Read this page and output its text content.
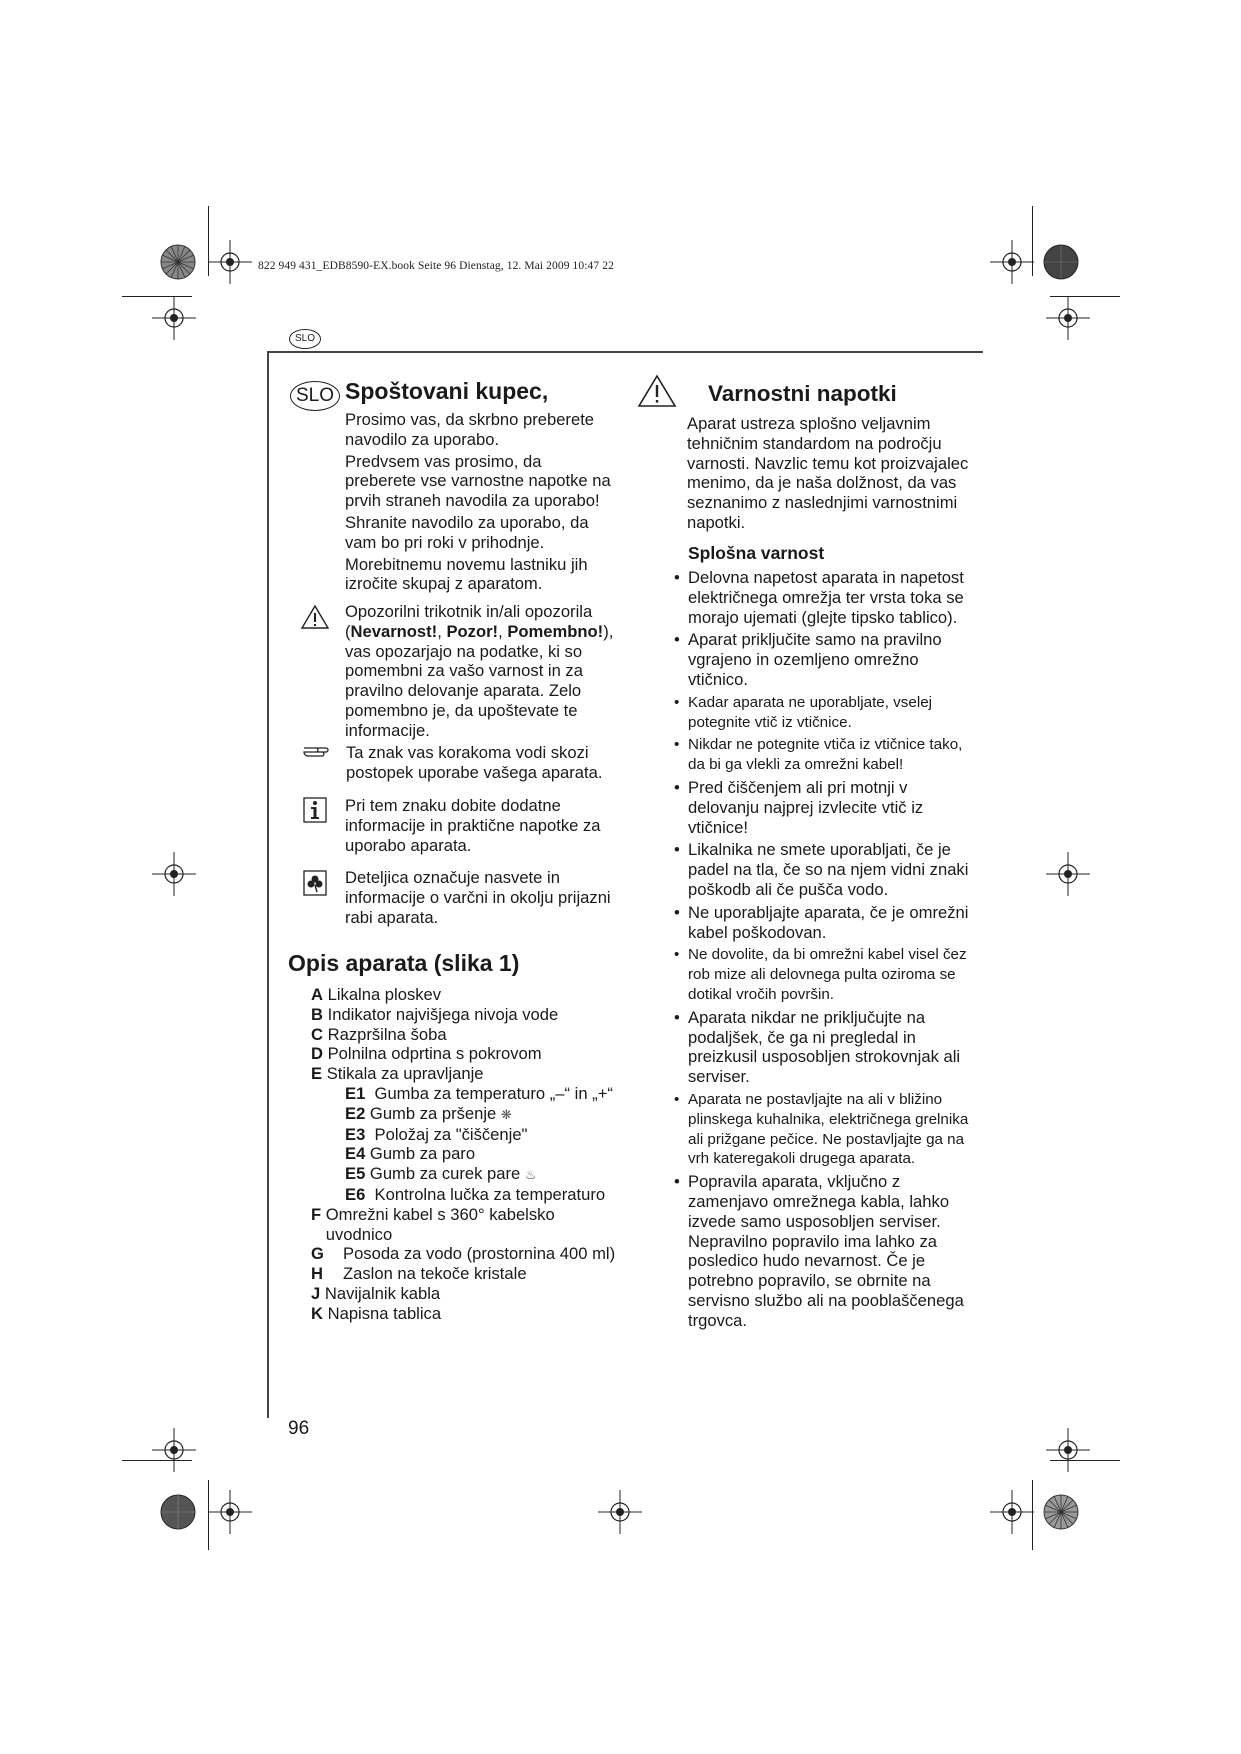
822 949 431_EDB8590-EX.book Seite 96 Dienstag, 12. Mai 2009 10:47 22
SLO
SLO Spoštovani kupec,

Prosimo vas, da skrbno preberete navodilo za uporabo.

Predvsem vas prosimo, da preberete vse varnostne napotke na prvih straneh navodila za uporabo!

Shranite navodilo za uporabo, da vam bo pri roki v prihodnje.

Morebitnemu novemu lastniku jih izročite skupaj z aparatom.

Opozorilni trikotnik in/ali opozorila (Nevarnost!, Pozor!, Pomembno!), vas opozarjajo na podatke, ki so pomembni za vašo varnost in za pravilno delovanje aparata. Zelo pomembno je, da upoštevate te informacije.

Ta znak vas korakoma vodi skozi postopek uporabe vašega aparata.

Pri tem znaku dobite dodatne informacije in praktične napotke za uporabo aparata.

Deteljica označuje nasvete in informacije o varčni in okolju prijazni rabi aparata.

Opis aparata (slika 1)
A Likalna ploskev
B Indikator najvišjega nivoja vode
C Razpršilna šoba
D Polnilna odprtina s pokrovom
E Stikala za upravljanje
E1 Gumba za temperaturo „–“ in „+“
E2 Gumb za pršenje ❋
E3 Položaj za "čiščenje"
E4 Gumb za paro
E5 Gumb za curek pare ♨
E6 Kontrolna lučka za temperaturo
F Omrežni kabel s 360° kabelsko uvodnico
G Posoda za vodo (prostornina 400 ml)
H Zaslon na tekoče kristale
J Navijalnik kabla
K Napisna tablica
Varnostni napotki

Aparat ustreza splošno veljavnim tehničnim standardom na področju varnosti. Navzlic temu kot proizvajalec menimo, da je naša dolžnost, da vas seznanimo z naslednjimi varnostnimi napotki.

Splošna varnost
• Delovna napetost aparata in napetost električnega omrežja ter vrsta toka se morajo ujemati (glejte tipsko tablico).
• Aparat priključite samo na pravilno vgrajeno in ozemljeno omrežno vtičnico.
• Kadar aparata ne uporabljate, vselej potegnite vtič iz vtičnice.
• Nikdar ne potegnite vtiča iz vtičnice tako, da bi ga vlekli za omrežni kabel!
• Pred čiščenjem ali pri motnji v delovanju najprej izvlecite vtič iz vtičnice!
• Likalnika ne smete uporabljati, če je padel na tla, če so na njem vidni znaki poškodb ali če pušča vodo.
• Ne uporabljajte aparata, če je omrežni kabel poškodovan.
• Ne dovolite, da bi omrežni kabel visel čez rob mize ali delovnega pulta oziroma se dotikal vročih površin.
• Aparata nikdar ne priključujte na podaljšek, če ga ni pregledal in preizkusil usposobljen strokovnjak ali serviser.
• Aparata ne postavljajte na ali v bližino plinskega kuhalnika, električnega grelnika ali prižgane pečice. Ne postavljajte ga na vrh kateregakoli drugega aparata.
• Popravila aparata, vključno z zamenjavo omrežnega kabla, lahko izvede samo usposobljen serviser. Nepravilno popravilo ima lahko za posledico hudo nevarnost. Če je potrebno popravilo, se obrnite na servisno službo ali na pooblaščenega trgovca.
96
